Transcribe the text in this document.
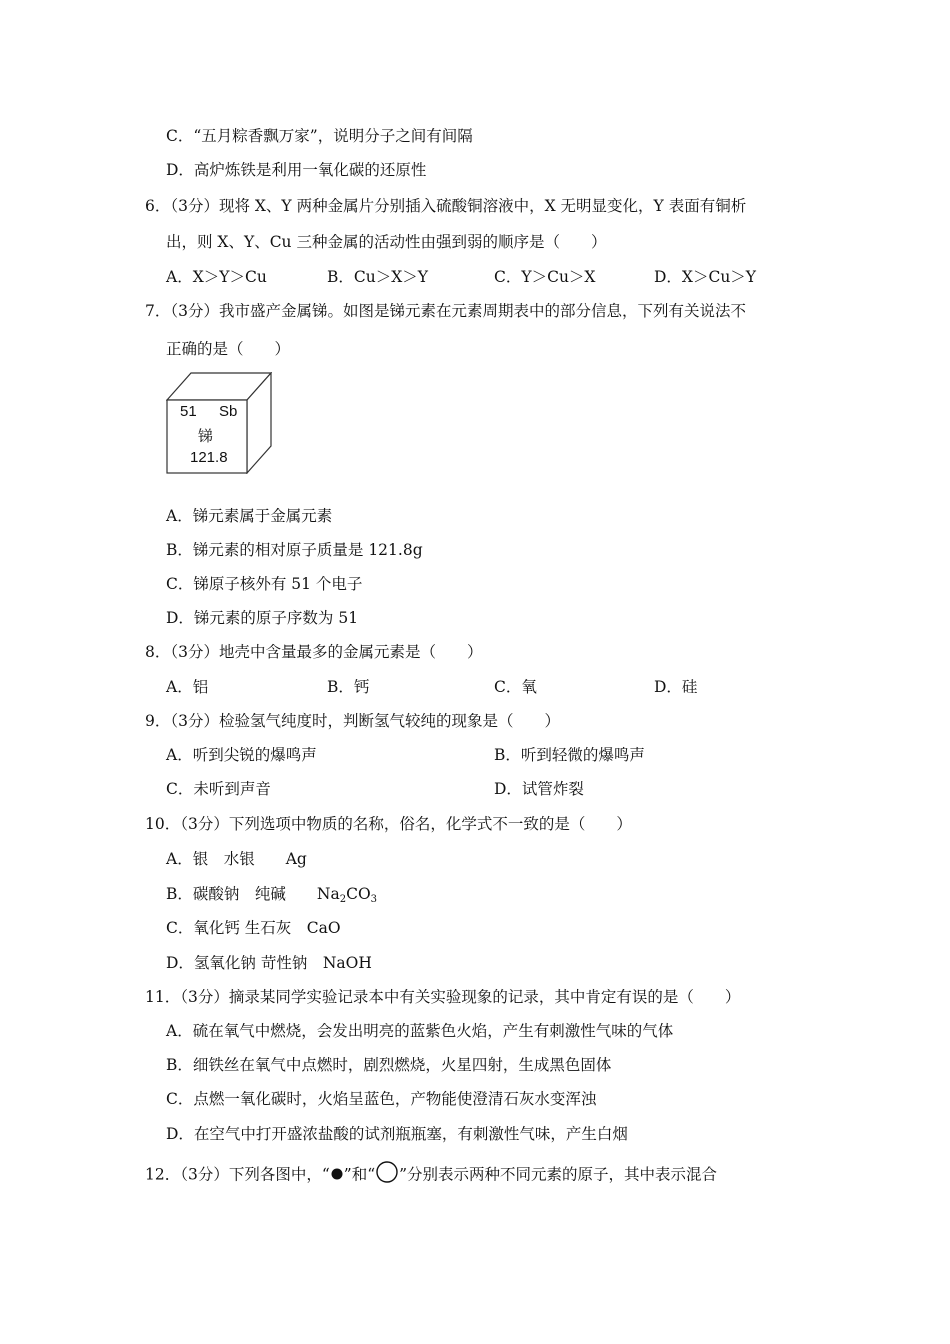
C．“五月粽香飘万家”，说明分子之间有间隔
D．高炉炼铁是利用一氧化碳的还原性
6．（3分）现将 X、Y 两种金属片分别插入硫酸铜溶液中，X 无明显变化，Y 表面有铜析
出，则 X、Y、Cu 三种金属的活动性由强到弱的顺序是（　　）
A．X＞Y＞Cu	B．Cu＞X＞Y	C．Y＞Cu＞X	D．X＞Cu＞Y
7．（3分）我市盛产金属锑。如图是锑元素在元素周期表中的部分信息，下列有关说法不
正确的是（　　）
51 Sb
锑
121.8
A．锑元素属于金属元素
B．锑元素的相对原子质量是 121.8g
C．锑原子核外有 51 个电子
D．锑元素的原子序数为 51
8．（3分）地壳中含量最多的金属元素是（　　）
A．铝	B．钙	C．氧	D．硅
9．（3分）检验氢气纯度时，判断氢气较纯的现象是（　　）
A．听到尖锐的爆鸣声	B．听到轻微的爆鸣声
C．未听到声音	D．试管炸裂
10．（3分）下列选项中物质的名称，俗名，化学式不一致的是（　　）
A．银　水银　　Ag
B．碳酸钠　纯碱　　$Na_2CO_3$
C．氧化钙 生石灰　CaO
D．氢氧化钠 苛性钠　NaOH
11．（3分）摘录某同学实验记录本中有关实验现象的记录，其中肯定有误的是（　　）
A．硫在氧气中燃烧，会发出明亮的蓝紫色火焰，产生有刺激性气味的气体
B．细铁丝在氧气中点燃时，剧烈燃烧，火星四射，生成黑色固体
C．点燃一氧化碳时，火焰呈蓝色，产物能使澄清石灰水变浑浊
D．在空气中打开盛浓盐酸的试剂瓶瓶塞，有刺激性气味，产生白烟
12．（3分）下列各图中，“ ”和“ ”分别表示两种不同元素的原子，其中表示混合
